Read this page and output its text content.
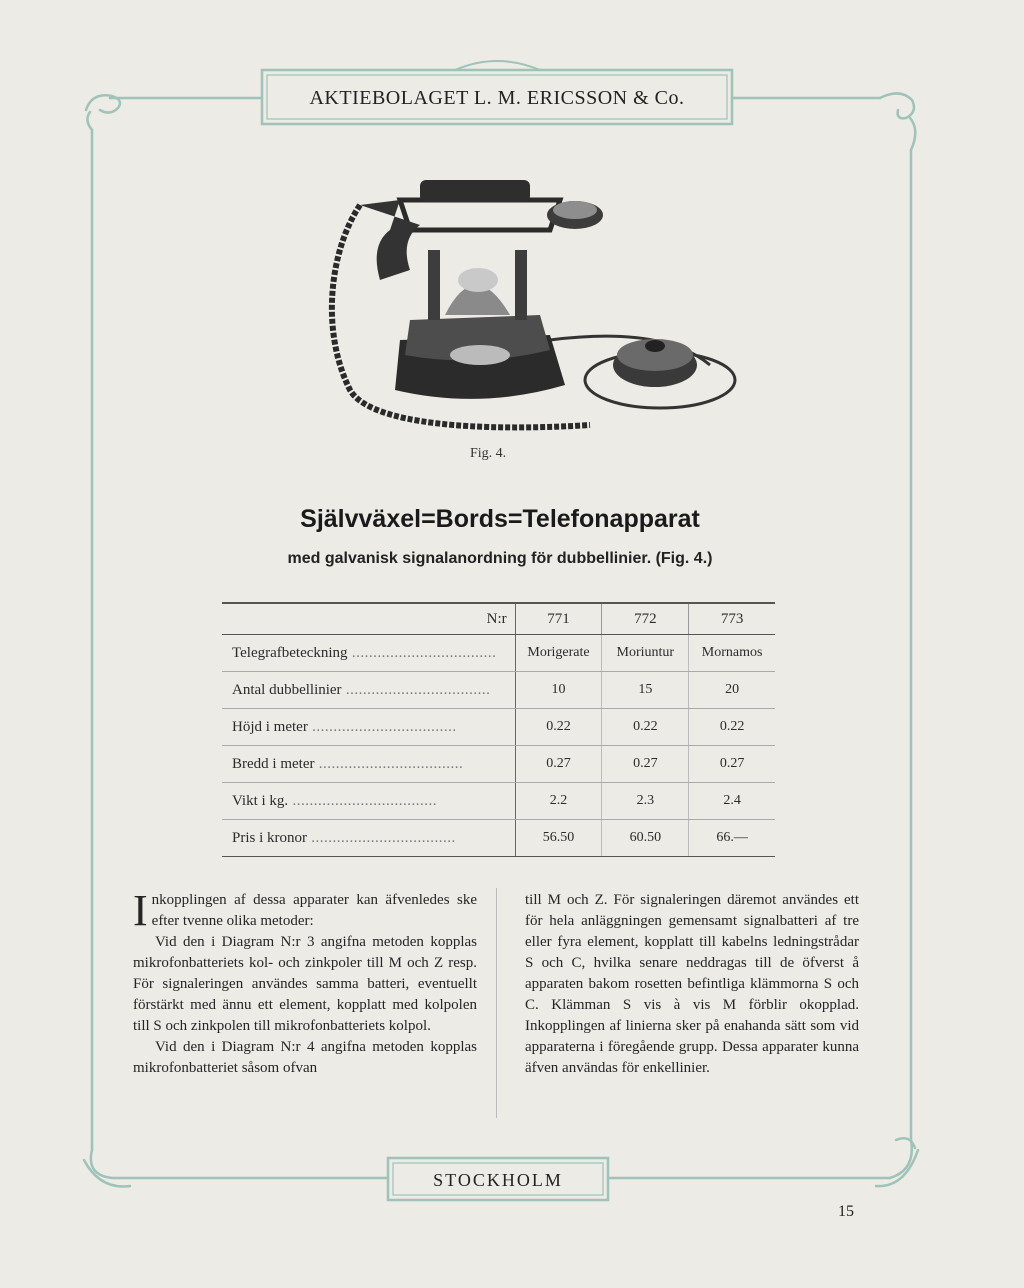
AKTIEBOLAGET L. M. ERICSSON & Co.
Fig. 4.
Självväxel=Bords=Telefonapparat
med galvanisk signalanordning för dubbellinier. (Fig. 4.)
N:r	771	772	773
Telegrafbeteckning ..................................	Morigerate	Moriuntur	Mornamos
Antal dubbellinier ..................................	10	15	20
Höjd i meter ..................................	0.22	0.22	0.22
Bredd i meter ..................................	0.27	0.27	0.27
Vikt i kg. ..................................	2.2	2.3	2.4
Pris i kronor ..................................	56.50	60.50	66.—

Inkopplingen af dessa apparater kan äfvenledes ske efter tvenne olika metoder:

Vid den i Diagram N:r 3 angifna metoden kopplas mikrofonbatteriets kol- och zinkpoler till M och Z resp. För signaleringen användes samma batteri, eventuellt förstärkt med ännu ett element, kopplatt med kolpolen till S och zinkpolen till mikrofonbatteriets kolpol.

Vid den i Diagram N:r 4 angifna metoden kopplas mikrofonbatteriet såsom ofvan

till M och Z. För signaleringen däremot användes ett för hela anläggningen gemensamt signalbatteri af tre eller fyra element, kopplatt till kabelns ledningstrådar S och C, hvilka senare neddragas till de öfverst å apparaten bakom rosetten befintliga klämmorna S och C. Klämman S vis à vis M förblir okopplad. Inkopplingen af linierna sker på enahanda sätt som vid apparaterna i föregående grupp. Dessa apparater kunna äfven användas för enkellinier.

STOCKHOLM
15
